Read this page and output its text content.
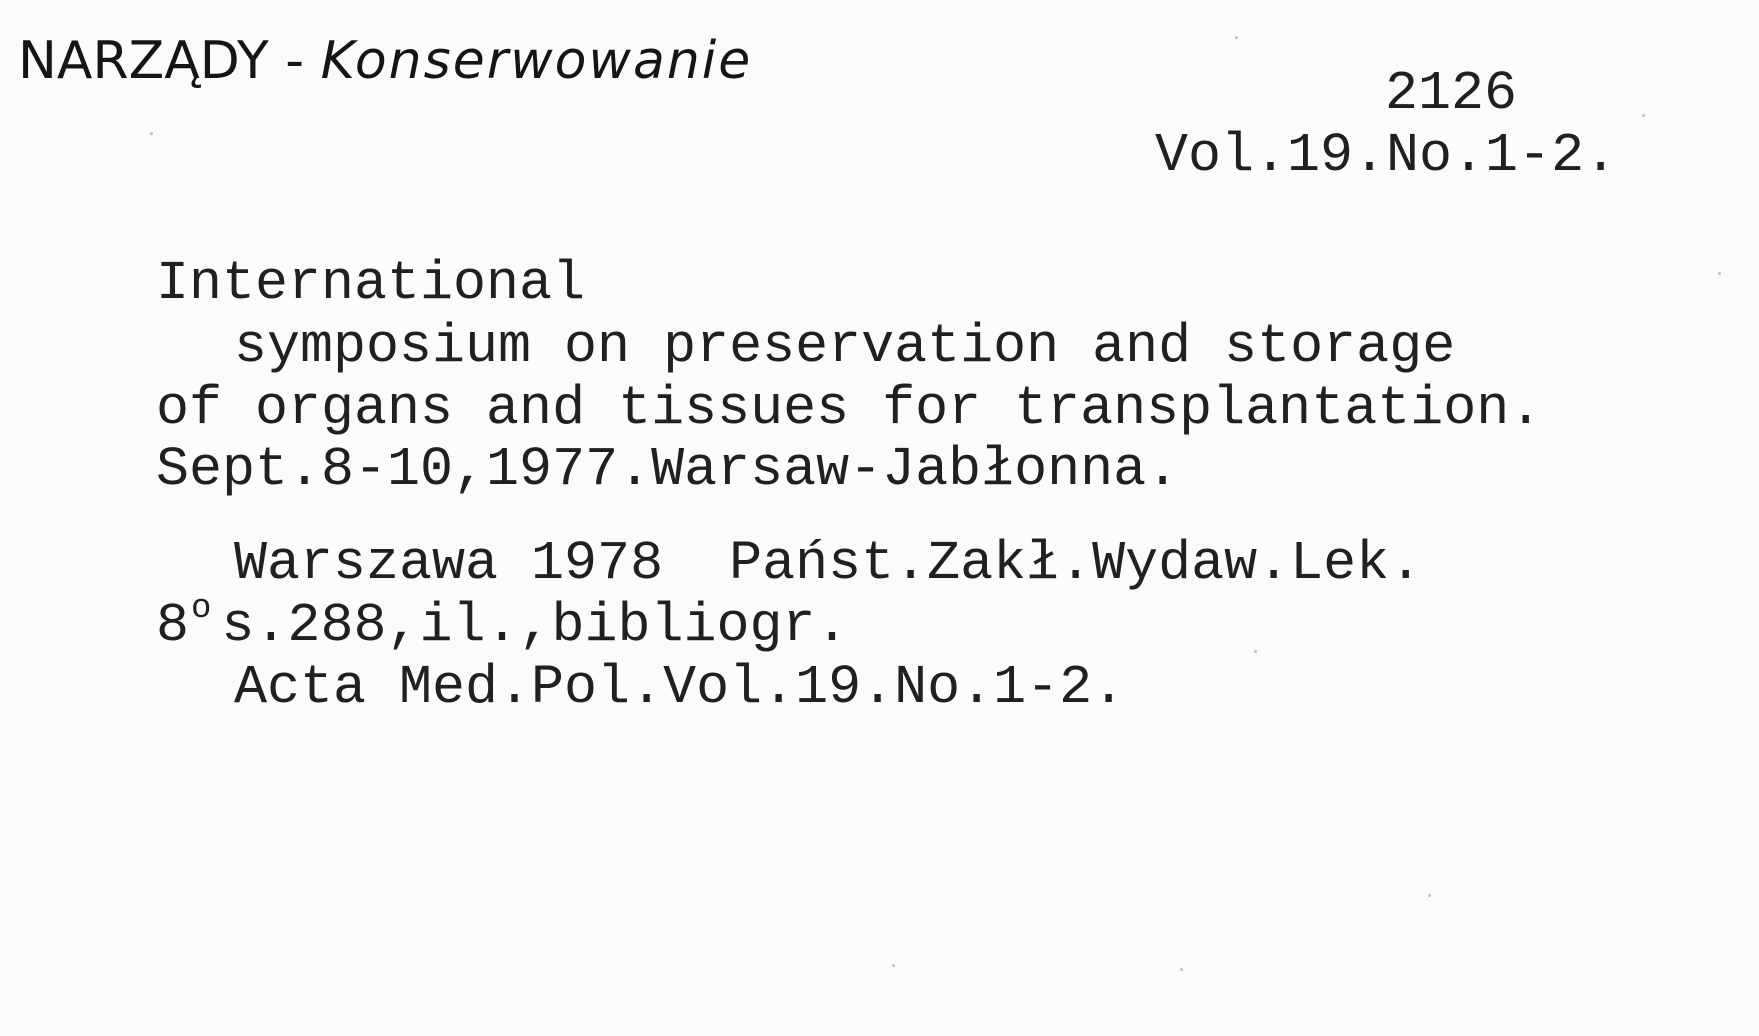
NARZĄDY - Konserwowanie
2126
Vol.19.No.1-2.
International
symposium on preservation and storage
of organs and tissues for transplantation.
Sept.8-10,1977.Warsaw-Jabłonna.
Warszawa 1978  Państ.Zakł.Wydaw.Lek.
8$^o$ s.288,il.,bibliogr.
Acta Med.Pol.Vol.19.No.1-2.
